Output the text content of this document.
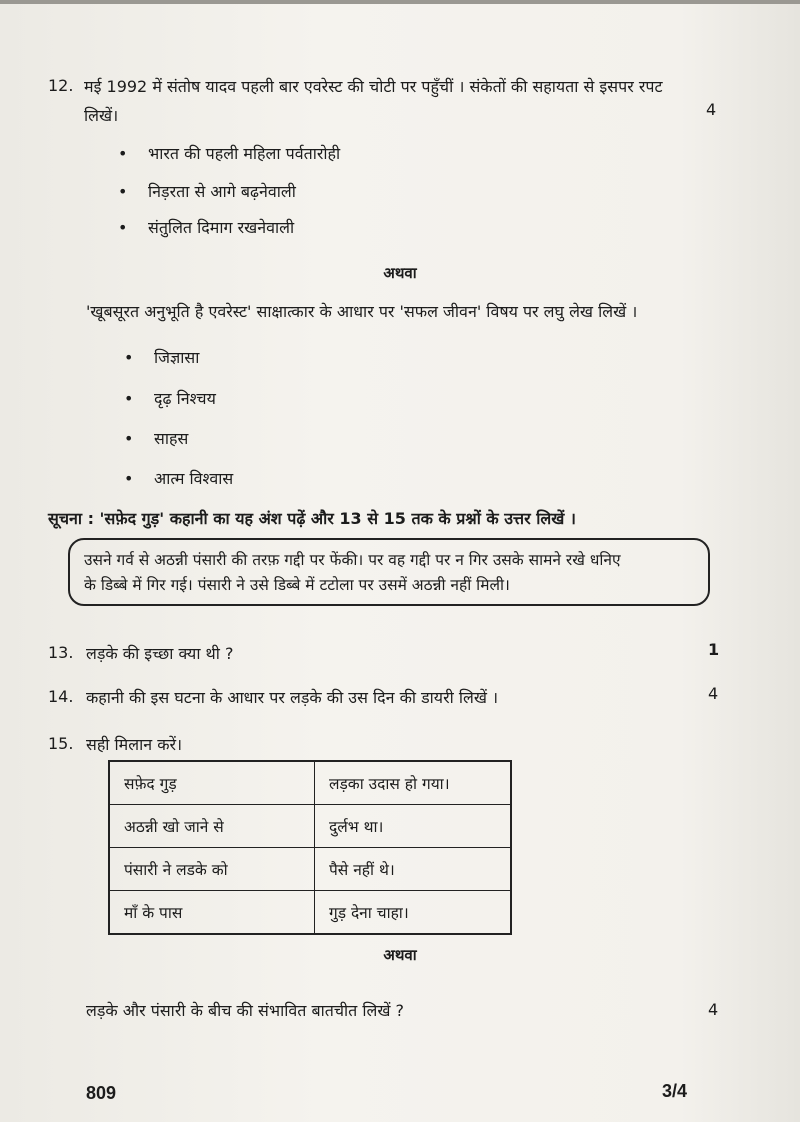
12. मई 1992 में संतोष यादव पहली बार एवरेस्ट की चोटी पर पहुँचीं । संकेतों की सहायता से इसपर रपट
लिखें।	4
• भारत की पहली महिला पर्वतारोही
• निड़रता से आगे बढ़नेवाली
• संतुलित दिमाग रखनेवाली
अथवा
'खूबसूरत अनुभूति है एवरेस्ट' साक्षात्कार के आधार पर 'सफल जीवन' विषय पर लघु लेख लिखें ।
• जिज्ञासा
• दृढ़ निश्चय
• साहस
• आत्म विश्वास
सूचना : 'सफ़ेद गुड़' कहानी का यह अंश पढ़ें और 13 से 15 तक के प्रश्नों के उत्तर लिखें ।
उसने गर्व से अठन्नी पंसारी की तरफ़ गद्दी पर फेंकी। पर वह गद्दी पर न गिर उसके सामने रखे धनिए
के डिब्बे में गिर गई। पंसारी ने उसे डिब्बे में टटोला पर उसमें अठन्नी नहीं मिली।
13. लड़के की इच्छा क्या थी ?	1
14. कहानी की इस घटना के आधार पर लड़के की उस दिन की डायरी लिखें ।	4
15. सही मिलान करें।
सफ़ेद गुड़	लड़का उदास हो गया।
अठन्नी खो जाने से	दुर्लभ था।
पंसारी ने लडके को	पैसे नहीं थे।
माँ के पास	गुड़ देना चाहा।
अथवा
लड़के और पंसारी के बीच की संभावित बातचीत लिखें ?	4
809	3/4
